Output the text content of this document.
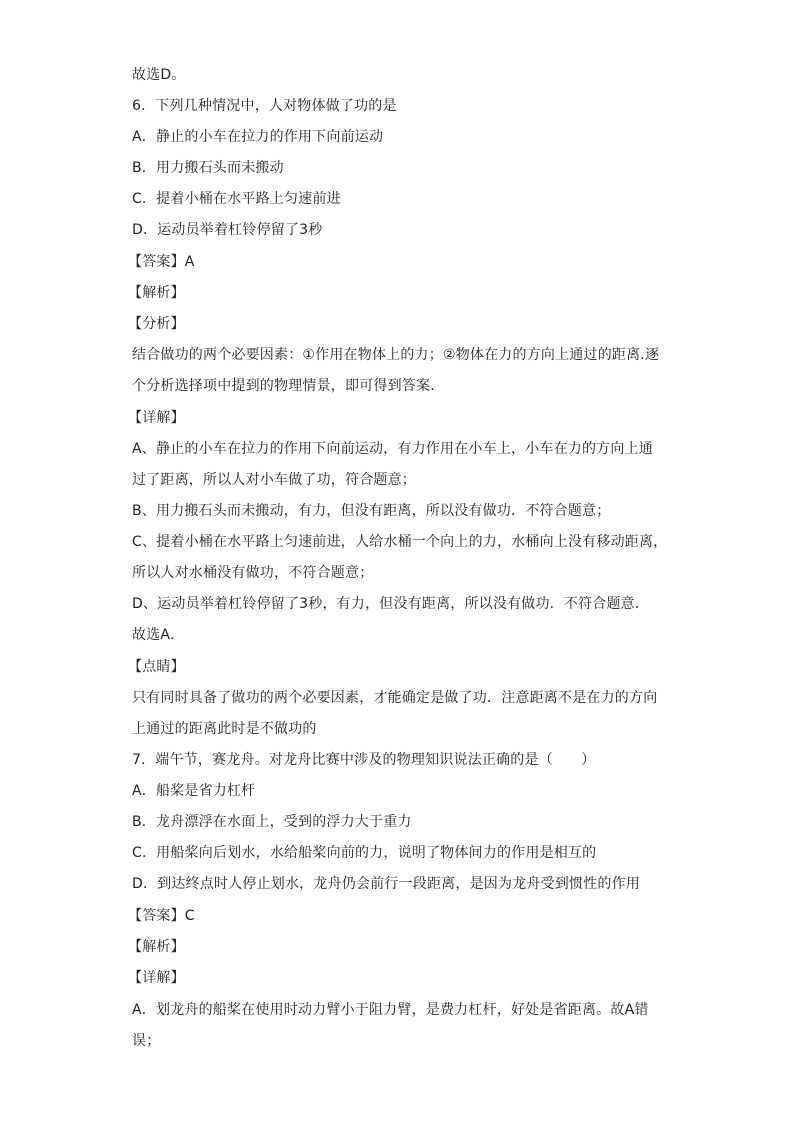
故选D。
6．下列几种情况中，人对物体做了功的是
A．静止的小车在拉力的作用下向前运动
B．用力搬石头而未搬动
C．提着小桶在水平路上匀速前进
D．运动员举着杠铃停留了3秒
【答案】A
【解析】
【分析】
结合做功的两个必要因素：①作用在物体上的力；②物体在力的方向上通过的距离.逐
个分析选择项中提到的物理情景，即可得到答案．
【详解】
A、静止的小车在拉力的作用下向前运动，有力作用在小车上，小车在力的方向上通
过了距离，所以人对小车做了功，符合题意；
B、用力搬石头而未搬动，有力，但没有距离，所以没有做功．不符合题意；
C、提着小桶在水平路上匀速前进，人给水桶一个向上的力，水桶向上没有移动距离，
所以人对水桶没有做功，不符合题意；
D、运动员举着杠铃停留了3秒，有力，但没有距离，所以没有做功．不符合题意．
故选A．
【点睛】
只有同时具备了做功的两个必要因素，才能确定是做了功．注意距离不是在力的方向
上通过的距离此时是不做功的
7．端午节，赛龙舟。对龙舟比赛中涉及的物理知识说法正确的是（　　）
A．船桨是省力杠杆
B．龙舟漂浮在水面上，受到的浮力大于重力
C．用船桨向后划水，水给船桨向前的力，说明了物体间力的作用是相互的
D．到达终点时人停止划水，龙舟仍会前行一段距离，是因为龙舟受到惯性的作用
【答案】C
【解析】
【详解】
A．划龙舟的船桨在使用时动力臂小于阻力臂，是费力杠杆，好处是省距离。故A错
误；
